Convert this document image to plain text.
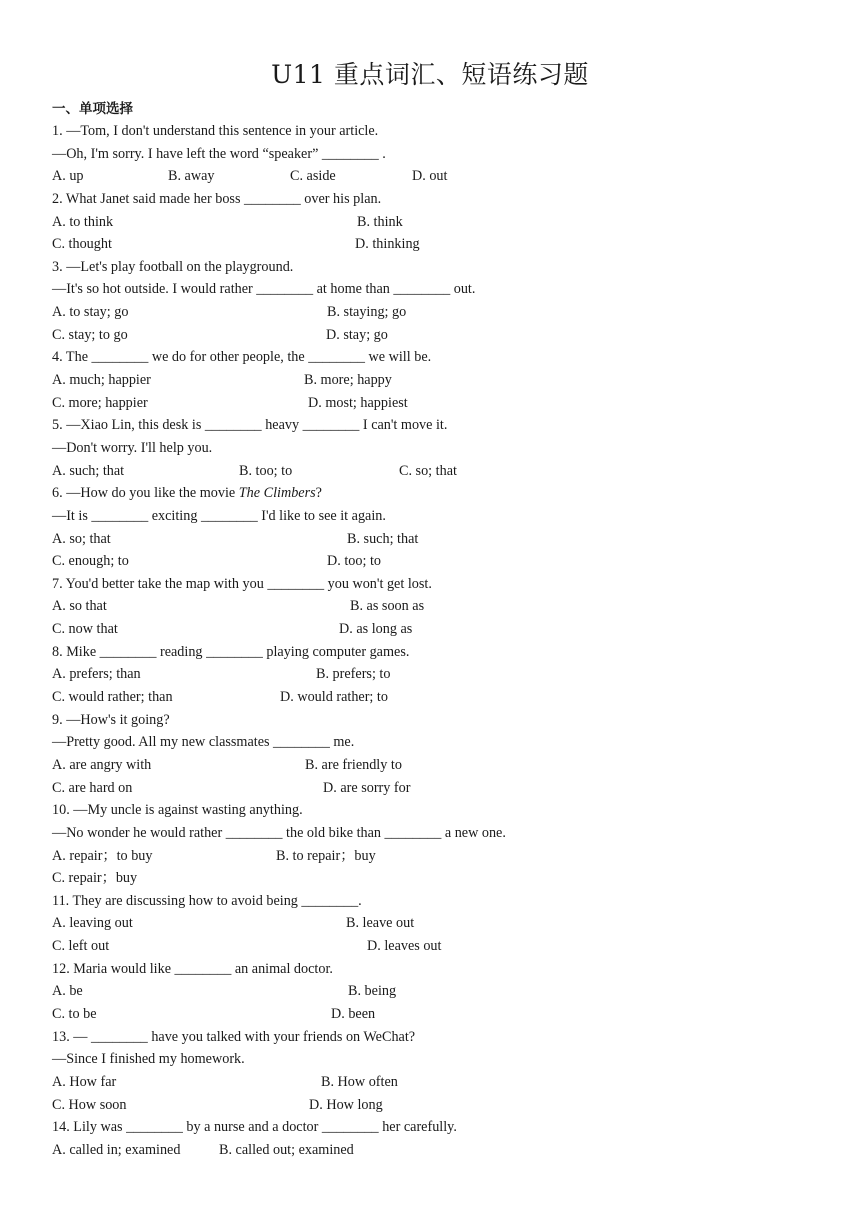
U11 重点词汇、短语练习题
一、单项选择
1. —Tom, I don't understand this sentence in your article.
—Oh, I'm sorry. I have left the word “speaker” ________ .

A. up

	B. away

	C. aside

	D. out

2. What Janet said made her boss ________ over his plan.

A. to think

	B. think

C. thought

	D. thinking

3. —Let's play football on the playground.
—It's so hot outside. I would rather ________ at home than ________ out.

A. to stay; go

	B. staying; go

C. stay; to go

	D. stay; go

4. The ________ we do for other people, the ________ we will be.

A. much; happier

	B. more; happy

C. more; happier

	D. most; happiest

5. —Xiao Lin, this desk is ________ heavy ________ I can't move it.
—Don't worry. I'll help you.

A. such; that

	B. too; to

	C. so; that

6. —How do you like the movie The Climbers?
—It is ________ exciting ________ I'd like to see it again.

A. so; that

	B. such; that

C. enough; to

	D. too; to

7. You'd better take the map with you ________ you won't get lost.

A. so that

	B. as soon as

C. now that

	D. as long as

8. Mike ________ reading ________ playing computer games.

A. prefers; than

	B. prefers; to

C. would rather; than

	D. would rather; to

9. —How's it going?
—Pretty good. All my new classmates ________ me.

A. are angry with

	B. are friendly to

C. are hard on

	D. are sorry for

10. —My uncle is against wasting anything.
—No wonder he would rather ________ the old bike than ________ a new one.

A. repair；to buy

	B. to repair；buy

C. repair；buy

11. They are discussing how to avoid being ________.

A. leaving out

	B. leave out

C. left out

	D. leaves out

12. Maria would like ________ an animal doctor.

A. be

	B. being

C. to be

	D. been

13. — ________ have you talked with your friends on WeChat?
—Since I finished my homework.

A. How far

	B. How often

C. How soon

	D. How long

14. Lily was ________ by a nurse and a doctor ________ her carefully.

A. called in; examined

	B. called out; examined
